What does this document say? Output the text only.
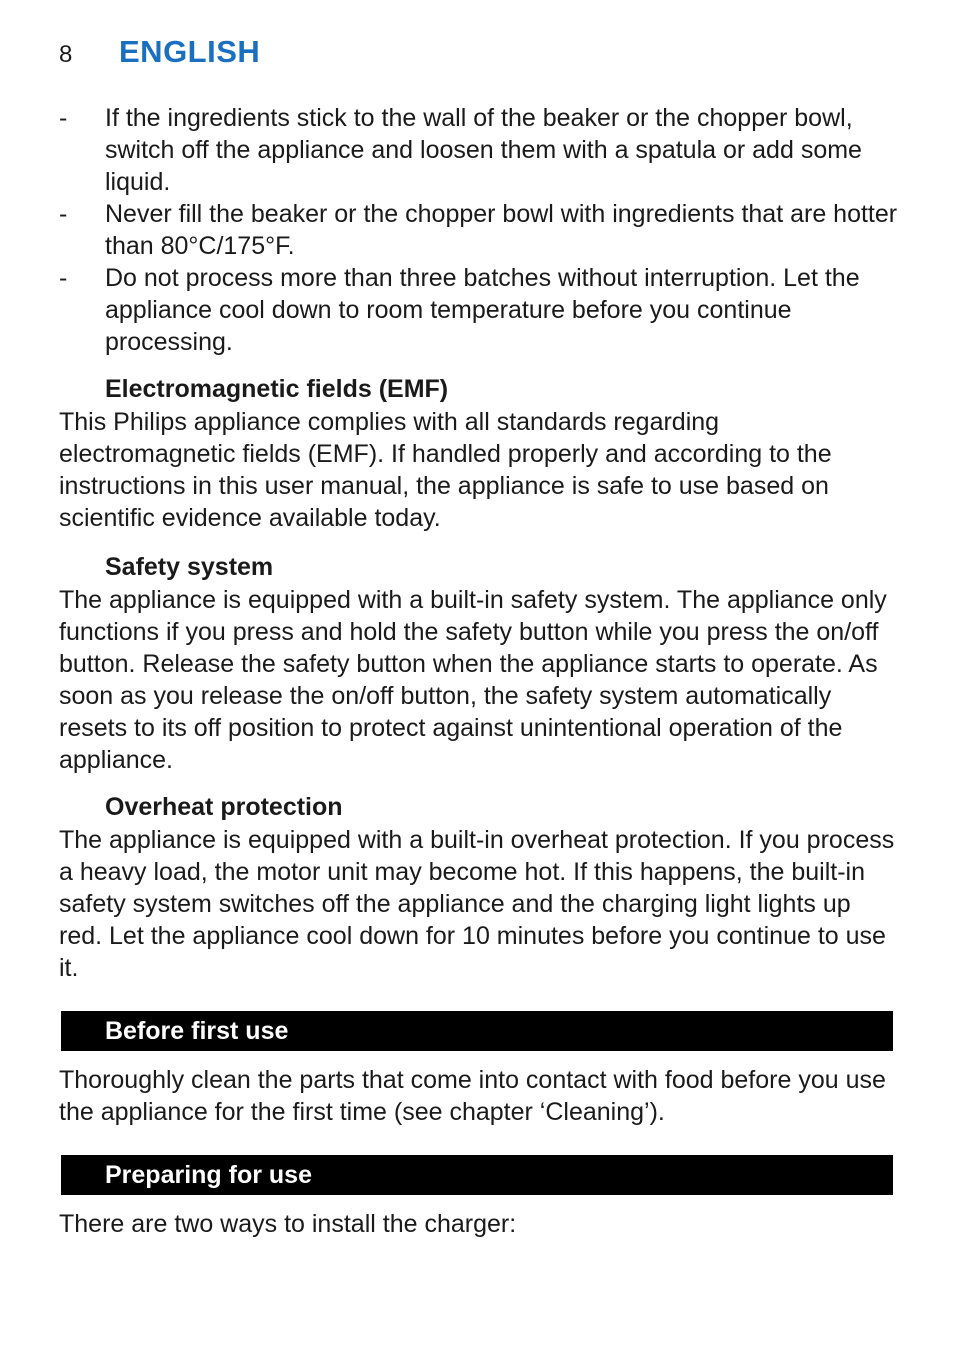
8	ENGLISH
- If the ingredients stick to the wall of the beaker or the chopper bowl, switch off the appliance and loosen them with a spatula or add some liquid.
- Never fill the beaker or the chopper bowl with ingredients that are hotter than 80°C/175°F.
- Do not process more than three batches without interruption. Let the appliance cool down to room temperature before you continue processing.
Electromagnetic fields (EMF)

This Philips appliance complies with all standards regarding electromagnetic fields (EMF). If handled properly and according to the instructions in this user manual, the appliance is safe to use based on scientific evidence available today.

Safety system

The appliance is equipped with a built-in safety system. The appliance only functions if you press and hold the safety button while you press the on/off button. Release the safety button when the appliance starts to operate. As soon as you release the on/off button, the safety system automatically resets to its off position to protect against unintentional operation of the appliance.

Overheat protection

The appliance is equipped with a built-in overheat protection. If you process a heavy load, the motor unit may become hot. If this happens, the built-in safety system switches off the appliance and the charging light lights up red. Let the appliance cool down for 10 minutes before you continue to use it.

Before first use

Thoroughly clean the parts that come into contact with food before you use the appliance for the first time (see chapter ‘Cleaning’).

Preparing for use

There are two ways to install the charger:
